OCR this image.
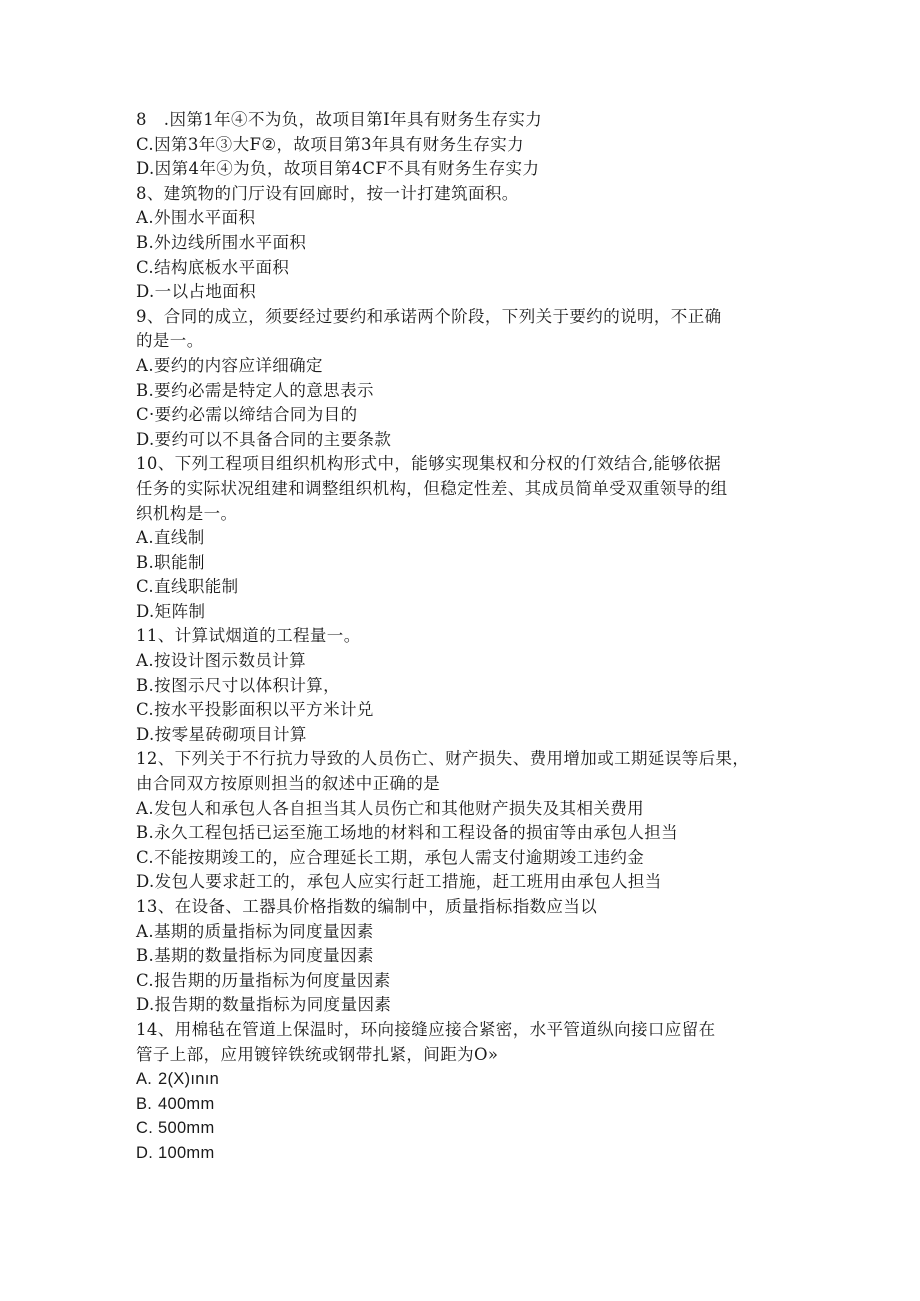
8　.因第1年④不为负，故项目第I年具有财务生存实力
C.因第3年③大F②，故项目第3年具有财务生存实力
D.因第4年④为负，故项目第4CF不具有财务生存实力
8、建筑物的门厅设有回廊时，按一计打建筑面积。
A.外围水平面积
B.外边线所围水平面积
C.结构底板水平面积
D.一以占地面积
9、合同的成立，须要经过要约和承诺两个阶段，下列关于要约的说明，不正确
的是一。
A.要约的内容应详细确定
B.要约必需是特定人的意思表示
C·要约必需以缔结合同为目的
D.要约可以不具备合同的主要条款
10、下列工程项目组织机构形式中，能够实现集权和分权的仃效结合,能够依据
任务的实际状况组建和调整组织机构，但稳定性差、其成员简单受双重领导的组
织机构是一。
A.直线制
B.职能制
C.直线职能制
D.矩阵制
11、计算试烟道的工程量一。
A.按设计图示数员计算
B.按图示尺寸以体积计算，
C.按水平投影面积以平方米计兑
D.按零星砖砌项目计算
12、下列关于不行抗力导致的人员伤亡、财产损失、费用增加或工期延误等后果，
由合同双方按原则担当的叙述中正确的是
A.发包人和承包人各自担当其人员伤亡和其他财产损失及其相关费用
B.永久工程包括已运至施工场地的材料和工程设备的损宙等由承包人担当
C.不能按期竣工的，应合理延长工期，承包人需支付逾期竣工违约金
D.发包人要求赶工的，承包人应实行赶工措施，赶工班用由承包人担当
13、在设备、工器具价格指数的编制中，质量指标指数应当以
A.基期的质量指标为同度量因素
B.基期的数量指标为同度量因素
C.报告期的历量指标为何度量因素
D.报告期的数量指标为同度量因素
14、用棉毡在管道上保温时，环向接缝应接合紧密，水平管道纵向接口应留在
管子上部，应用镀锌铁统或钢带扎紧，间距为O»
A. 2(X)ının
B. 400mm
C. 500mm
D. 100mm
